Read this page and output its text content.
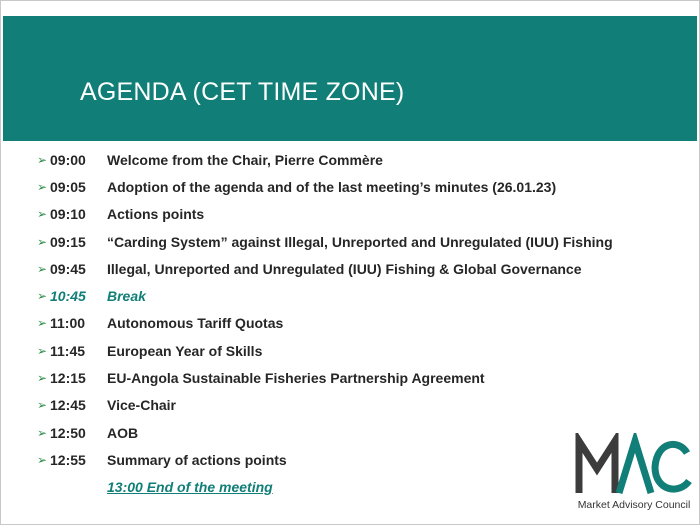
AGENDA (CET TIME ZONE)
➢ 09:00	Welcome from the Chair, Pierre Commère
➢ 09:05	Adoption of the agenda and of the last meeting’s minutes (26.01.23)
➢ 09:10	Actions points
➢ 09:15	“Carding System” against Illegal, Unreported and Unregulated (IUU) Fishing
➢ 09:45	Illegal, Unreported and Unregulated (IUU) Fishing & Global Governance
➢ 10:45	Break
➢ 11:00	Autonomous Tariff Quotas
➢ 11:45	European Year of Skills
➢ 12:15	EU-Angola Sustainable Fisheries Partnership Agreement
➢ 12:45	Vice-Chair
➢ 12:50	AOB
➢ 12:55	Summary of actions points
13:00 End of the meeting
Market Advisory Council
